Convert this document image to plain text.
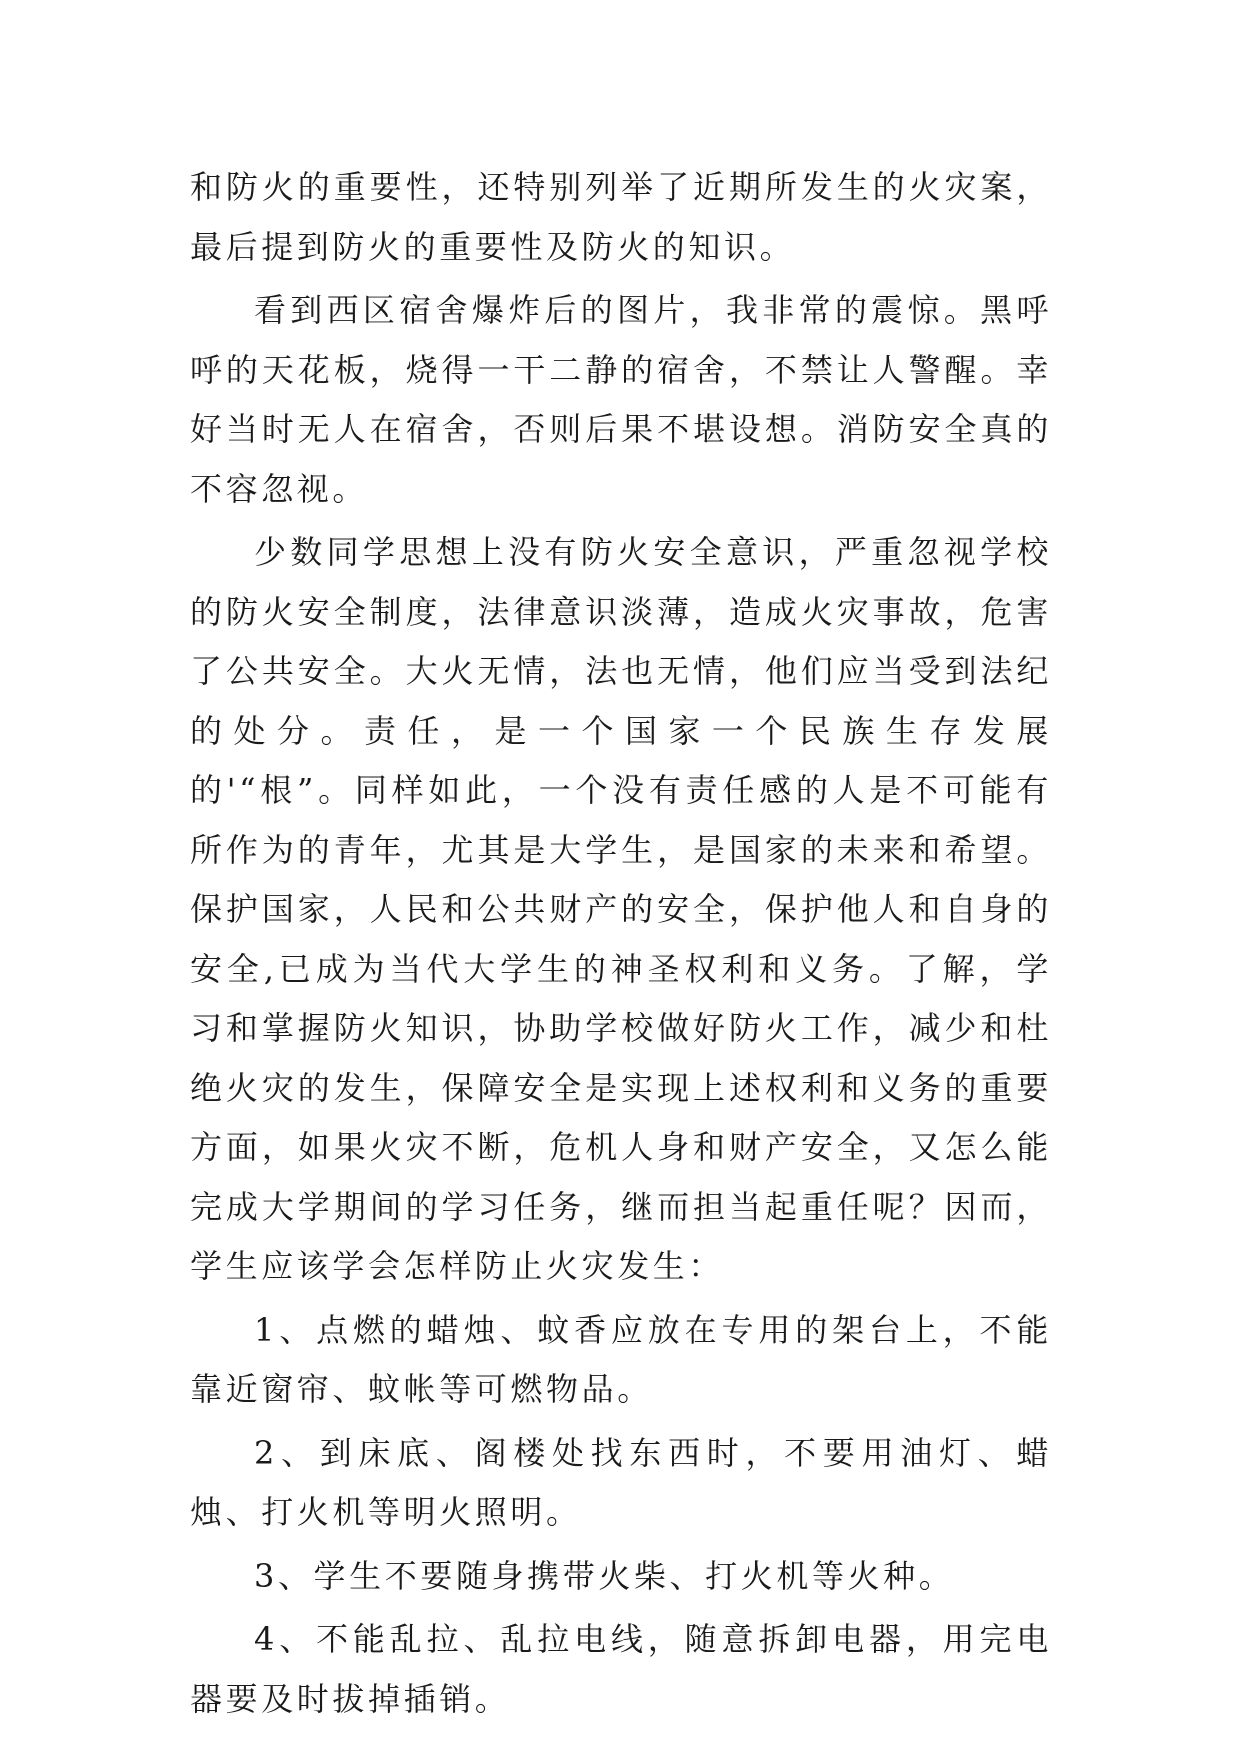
和防火的重要性，还特别列举了近期所发生的火灾案，最后提到防火的重要性及防火的知识。

看到西区宿舍爆炸后的图片，我非常的震惊。黑呼呼的天花板，烧得一干二静的宿舍，不禁让人警醒。幸好当时无人在宿舍，否则后果不堪设想。消防安全真的不容忽视。

少数同学思想上没有防火安全意识，严重忽视学校的防火安全制度，法律意识淡薄，造成火灾事故，危害了公共安全。大火无情，法也无情，他们应当受到法纪的处分。责任，是一个国家一个民族生存发展的'“根”。同样如此，一个没有责任感的人是不可能有所作为的青年，尤其是大学生，是国家的未来和希望。保护国家，人民和公共财产的安全，保护他人和自身的安全,已成为当代大学生的神圣权利和义务。了解，学习和掌握防火知识，协助学校做好防火工作，减少和杜绝火灾的发生，保障安全是实现上述权利和义务的重要方面，如果火灾不断，危机人身和财产安全，又怎么能完成大学期间的学习任务，继而担当起重任呢？因而，学生应该学会怎样防止火灾发生：

1、点燃的蜡烛、蚊香应放在专用的架台上，不能靠近窗帘、蚊帐等可燃物品。

2、到床底、阁楼处找东西时，不要用油灯、蜡烛、打火机等明火照明。

3、学生不要随身携带火柴、打火机等火种。

4、不能乱拉、乱拉电线，随意拆卸电器，用完电器要及时拔掉插销。
